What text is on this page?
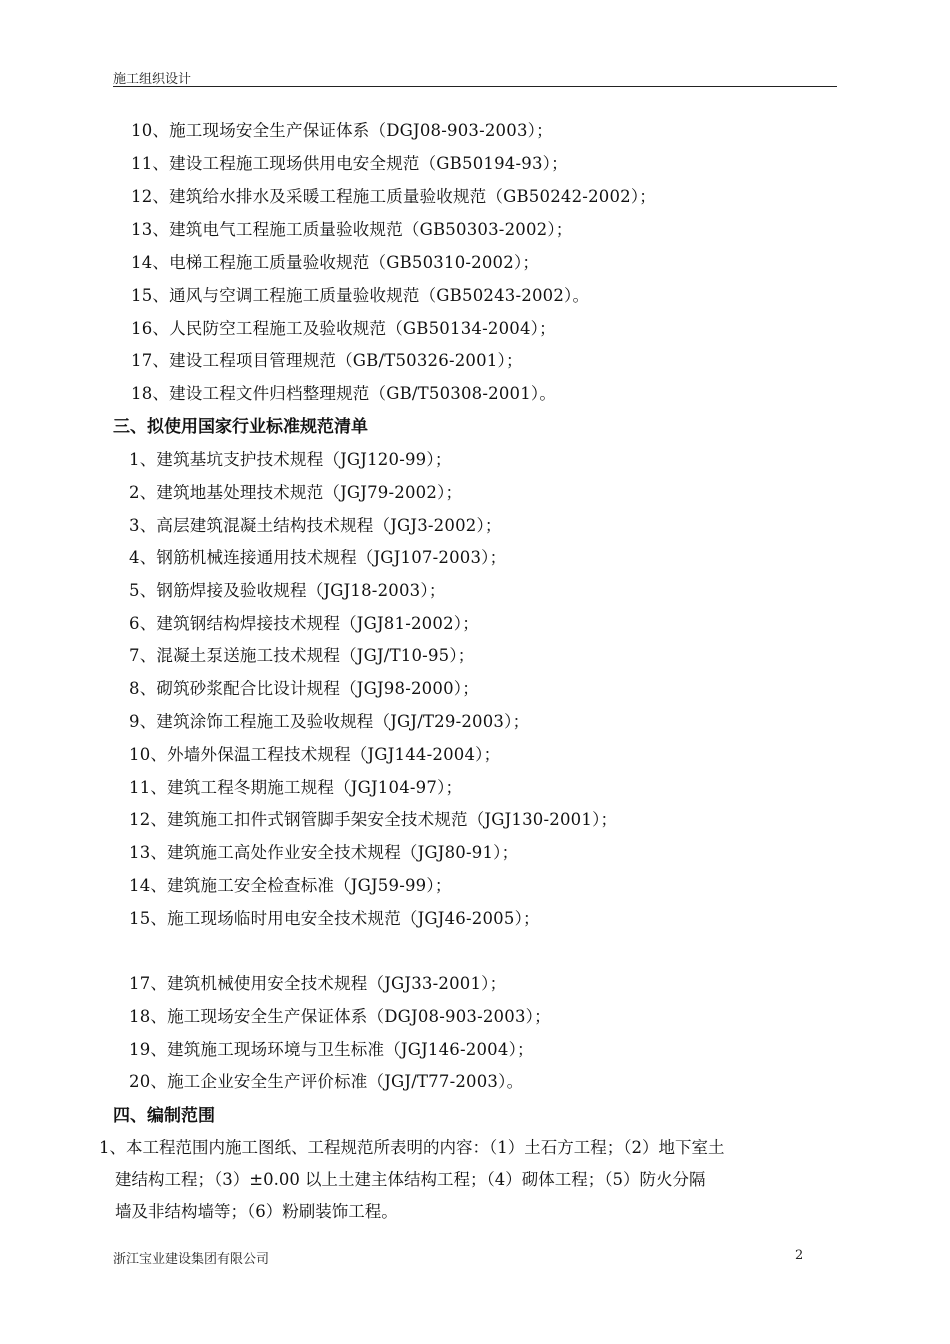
施工组织设计
10、施工现场安全生产保证体系（DGJ08-903-2003）；
11、建设工程施工现场供用电安全规范（GB50194-93）；
12、建筑给水排水及采暖工程施工质量验收规范（GB50242-2002）；
13、建筑电气工程施工质量验收规范（GB50303-2002）；
14、电梯工程施工质量验收规范（GB50310-2002）；
15、通风与空调工程施工质量验收规范（GB50243-2002）。
16、人民防空工程施工及验收规范（GB50134-2004）；
17、建设工程项目管理规范（GB/T50326-2001）；
18、建设工程文件归档整理规范（GB/T50308-2001）。
三、拟使用国家行业标准规范清单
1、建筑基坑支护技术规程（JGJ120-99）；
2、建筑地基处理技术规范（JGJ79-2002）；
3、高层建筑混凝土结构技术规程（JGJ3-2002）；
4、钢筋机械连接通用技术规程（JGJ107-2003）；
5、钢筋焊接及验收规程（JGJ18-2003）；
6、建筑钢结构焊接技术规程（JGJ81-2002）；
7、混凝土泵送施工技术规程（JGJ/T10-95）；
8、砌筑砂浆配合比设计规程（JGJ98-2000）；
9、建筑涂饰工程施工及验收规程（JGJ/T29-2003）；
10、外墙外保温工程技术规程（JGJ144-2004）；
11、建筑工程冬期施工规程（JGJ104-97）；
12、建筑施工扣件式钢管脚手架安全技术规范（JGJ130-2001）；
13、建筑施工高处作业安全技术规程（JGJ80-91）；
14、建筑施工安全检查标准（JGJ59-99）；
15、施工现场临时用电安全技术规范（JGJ46-2005）；
17、建筑机械使用安全技术规程（JGJ33-2001）；
18、施工现场安全生产保证体系（DGJ08-903-2003）；
19、建筑施工现场环境与卫生标准（JGJ146-2004）；
20、施工企业安全生产评价标准（JGJ/T77-2003）。
四、编制范围
1、本工程范围内施工图纸、工程规范所表明的内容：（1）土石方工程；（2）地下室土
建结构工程；（3）±0.00 以上土建主体结构工程；（4）砌体工程；（5）防火分隔
墙及非结构墙等；（6）粉刷装饰工程。
浙江宝业建设集团有限公司	2
